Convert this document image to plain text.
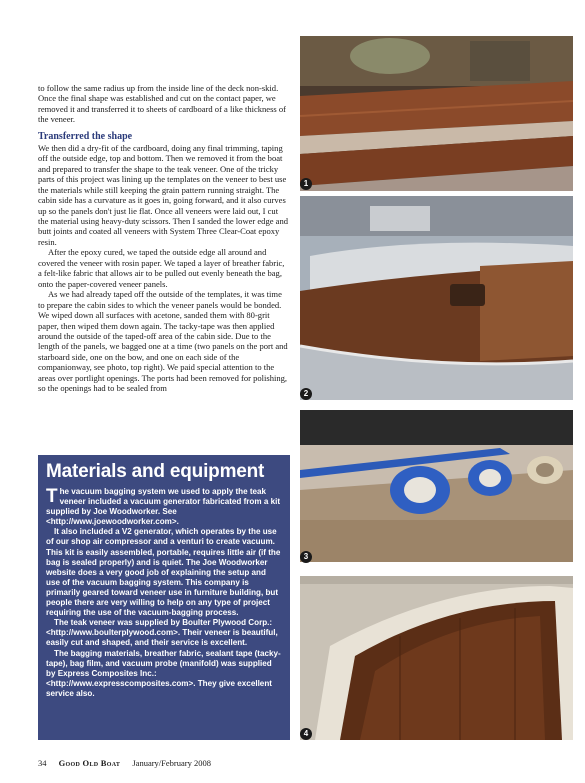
to follow the same radius up from the inside line of the deck non-skid. Once the final shape was established and cut on the contact paper, we removed it and transferred it to sheets of cardboard of a like thickness of the veneer.

Transferred the shape

We then did a dry-fit of the cardboard, doing any final trimming, taping off the outside edge, top and bottom. Then we removed it from the boat and prepared to transfer the shape to the teak veneer. One of the tricky parts of this project was lining up the templates on the veneer to best use the materials while still keeping the grain pattern running straight. The cabin side has a curvature as it goes in, going forward, and it also curves up so the panels don't just lie flat. Once all veneers were laid out, I cut the material using heavy-duty scissors. Then I sanded the lower edge and butt joints and coated all veneers with System Three Clear-Coat epoxy resin.

After the epoxy cured, we taped the outside edge all around and covered the veneer with rosin paper. We taped a layer of breather fabric, a felt-like fabric that allows air to be pulled out evenly beneath the bag, onto the paper-covered veneer panels.

As we had already taped off the outside of the templates, it was time to prepare the cabin sides to which the veneer panels would be bonded. We wiped down all surfaces with acetone, sanded them with 80-grit paper, then wiped them down again. The tacky-tape was then applied around the outside of the taped-off area of the cabin side. Due to the length of the panels, we bagged one at a time (two panels on the port and starboard side, one on the bow, and one on each side of the companionway, see photo, top right). We paid special attention to the areas over portlight openings. The ports had been removed for polishing, so the openings had to be sealed from

Materials and equipment

The vacuum bagging system we used to apply the teak veneer included a vacuum generator fabricated from a kit supplied by Joe Woodworker. See <http://www.joewoodworker.com>.

It also included a V2 generator, which operates by the use of our shop air compressor and a venturi to create vacuum. This kit is easily assembled, portable, requires little air (if the bag is sealed properly) and is quiet. The Joe Woodworker website does a very good job of explaining the setup and use of the vacuum bagging system. This company is primarily geared toward veneer use in furniture building, but people there are very willing to help on any type of project requiring the use of the vacuum-bagging process.

The teak veneer was supplied by Boulter Plywood Corp.: <http://www.boulterplywood.com>. Their veneer is beautiful, easily cut and shaped, and their service is excellent.

The bagging materials, breather fabric, sealant tape (tacky-tape), bag film, and vacuum probe (manifold) was supplied by Express Composites Inc.: <http://www.expresscomposites.com>. They give excellent service also.

1
2
3
4
34 Good Old Boat January/February 2008
